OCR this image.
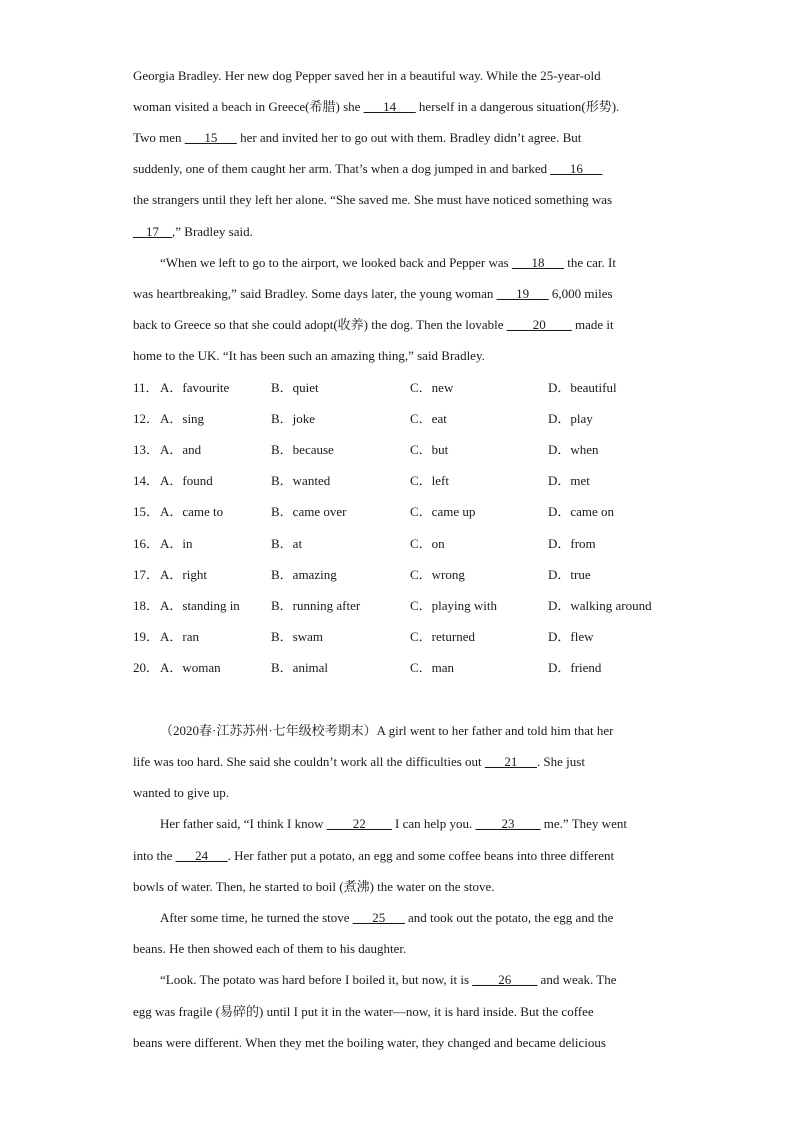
Georgia Bradley. Her new dog Pepper saved her in a beautiful way. While the 25-year-old
woman visited a beach in Greece(希腊) she ___14___ herself in a dangerous situation(形势).
Two men ___15___ her and invited her to go out with them. Bradley didn’t agree. But
suddenly, one of them caught her arm. That’s when a dog jumped in and barked ___16___
the strangers until they left her alone. “She saved me. She must have noticed something was
__17__,” Bradley said.
“When we left to go to the airport, we looked back and Pepper was ___18___ the car. It
was heartbreaking,” said Bradley. Some days later, the young woman ___19___ 6,000 miles
back to Greece so that she could adopt(收养) the dog. Then the lovable ____20____ made it
home to the UK. “It has been such an amazing thing,” said Bradley.
11． A．favourite	B．quiet	C．new	D．beautiful
12． A．sing	B．joke	C．eat	D．play
13． A．and	B．because	C．but	D．when
14． A．found	B．wanted	C．left	D．met
15． A．came to	B．came over	C．came up	D．came on
16． A．in	B．at	C．on	D．from
17． A．right	B．amazing	C．wrong	D．true
18． A．standing in B．running after	C．playing with	D．walking around
19． A．ran	B．swam	C．returned	D．flew
20． A．woman	B．animal	C．man	D．friend
（2020春·江苏苏州·七年级校考期末）A girl went to her father and told him that her
life was too hard. She said she couldn’t work all the difficulties out ___21___. She just
wanted to give up.
Her father said, “I think I know ____22____ I can help you. ____23____ me.” They went
into the ___24___. Her father put a potato, an egg and some coffee beans into three different
bowls of water. Then, he started to boil (煮沸) the water on the stove.
After some time, he turned the stove ___25___ and took out the potato, the egg and the
beans. He then showed each of them to his daughter.
“Look. The potato was hard before I boiled it, but now, it is ____26____ and weak. The
egg was fragile (易碎的) until I put it in the water—now, it is hard inside. But the coffee
beans were different. When they met the boiling water, they changed and became delicious
